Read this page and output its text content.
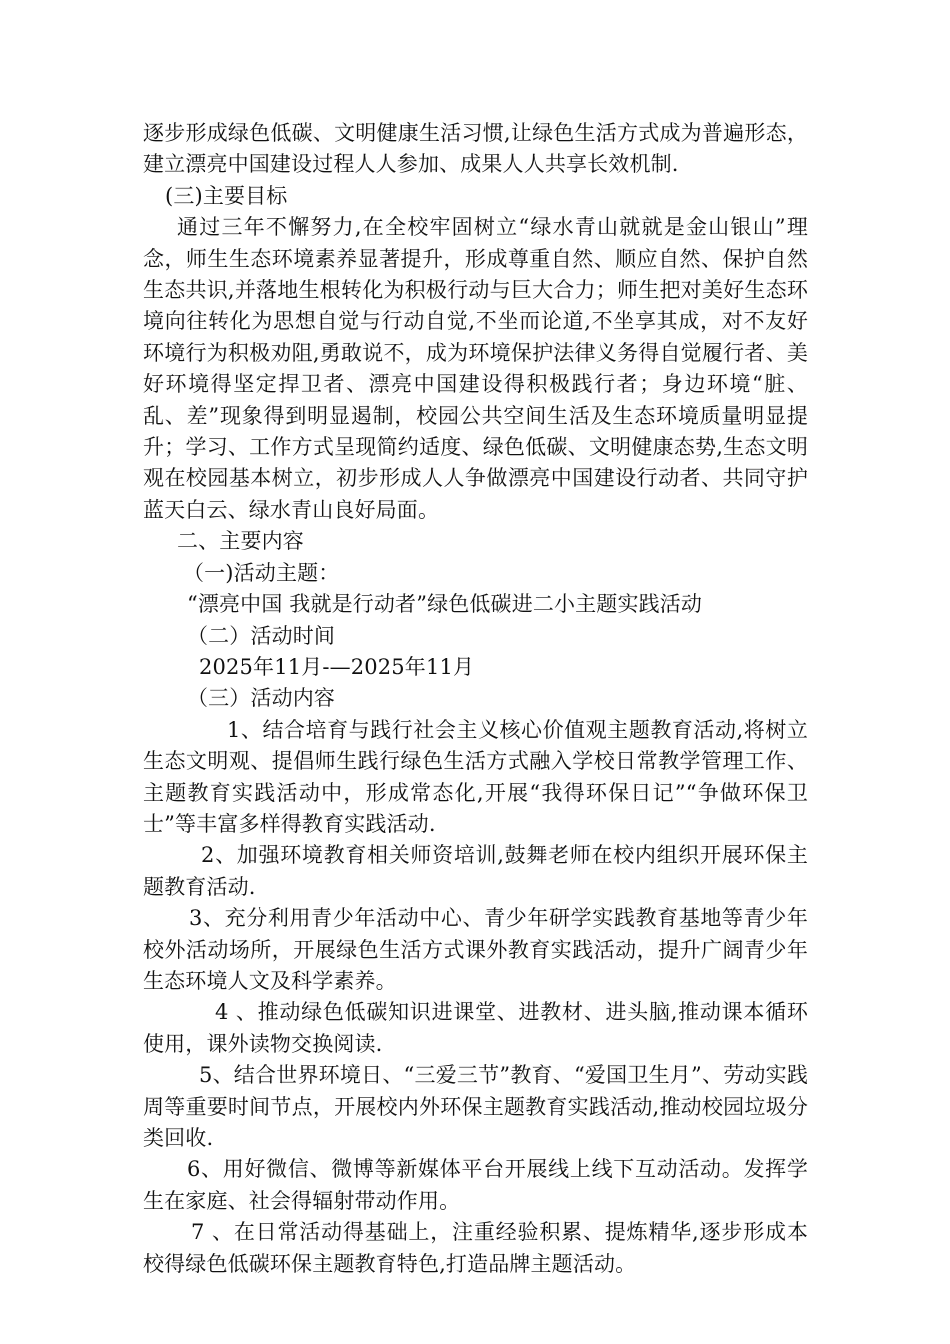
逐步形成绿色低碳、文明健康生活习惯,让绿色生活方式成为普遍形态，建立漂亮中国建设过程人人参加、成果人人共享长效机制.

(三)主要目标

通过三年不懈努力,在全校牢固树立“绿水青山就就是金山银山”理念，师生生态环境素养显著提升，形成尊重自然、顺应自然、保护自然生态共识,并落地生根转化为积极行动与巨大合力；师生把对美好生态环境向往转化为思想自觉与行动自觉,不坐而论道,不坐享其成，对不友好环境行为积极劝阻,勇敢说不，成为环境保护法律义务得自觉履行者、美好环境得坚定捍卫者、漂亮中国建设得积极践行者；身边环境“脏、乱、差”现象得到明显遏制，校园公共空间生活及生态环境质量明显提升；学习、工作方式呈现简约适度、绿色低碳、文明健康态势,生态文明观在校园基本树立，初步形成人人争做漂亮中国建设行动者、共同守护蓝天白云、绿水青山良好局面。

二、主要内容

（一)活动主题：

“漂亮中国 我就是行动者”绿色低碳进二小主题实践活动

（二）活动时间

2025年11月-—2025年11月

（三）活动内容

1、结合培育与践行社会主义核心价值观主题教育活动,将树立生态文明观、提倡师生践行绿色生活方式融入学校日常教学管理工作、主题教育实践活动中，形成常态化,开展“我得环保日记”“争做环保卫士”等丰富多样得教育实践活动.

2、加强环境教育相关师资培训,鼓舞老师在校内组织开展环保主题教育活动.

3、充分利用青少年活动中心、青少年研学实践教育基地等青少年校外活动场所，开展绿色生活方式课外教育实践活动，提升广阔青少年生态环境人文及科学素养。

4 、推动绿色低碳知识进课堂、进教材、进头脑,推动课本循环使用，课外读物交换阅读.

5、结合世界环境日、“三爱三节”教育、“爱国卫生月”、劳动实践周等重要时间节点，开展校内外环保主题教育实践活动,推动校园垃圾分类回收.

6、用好微信、微博等新媒体平台开展线上线下互动活动。发挥学生在家庭、社会得辐射带动作用。

7 、在日常活动得基础上，注重经验积累、提炼精华,逐步形成本校得绿色低碳环保主题教育特色,打造品牌主题活动。
